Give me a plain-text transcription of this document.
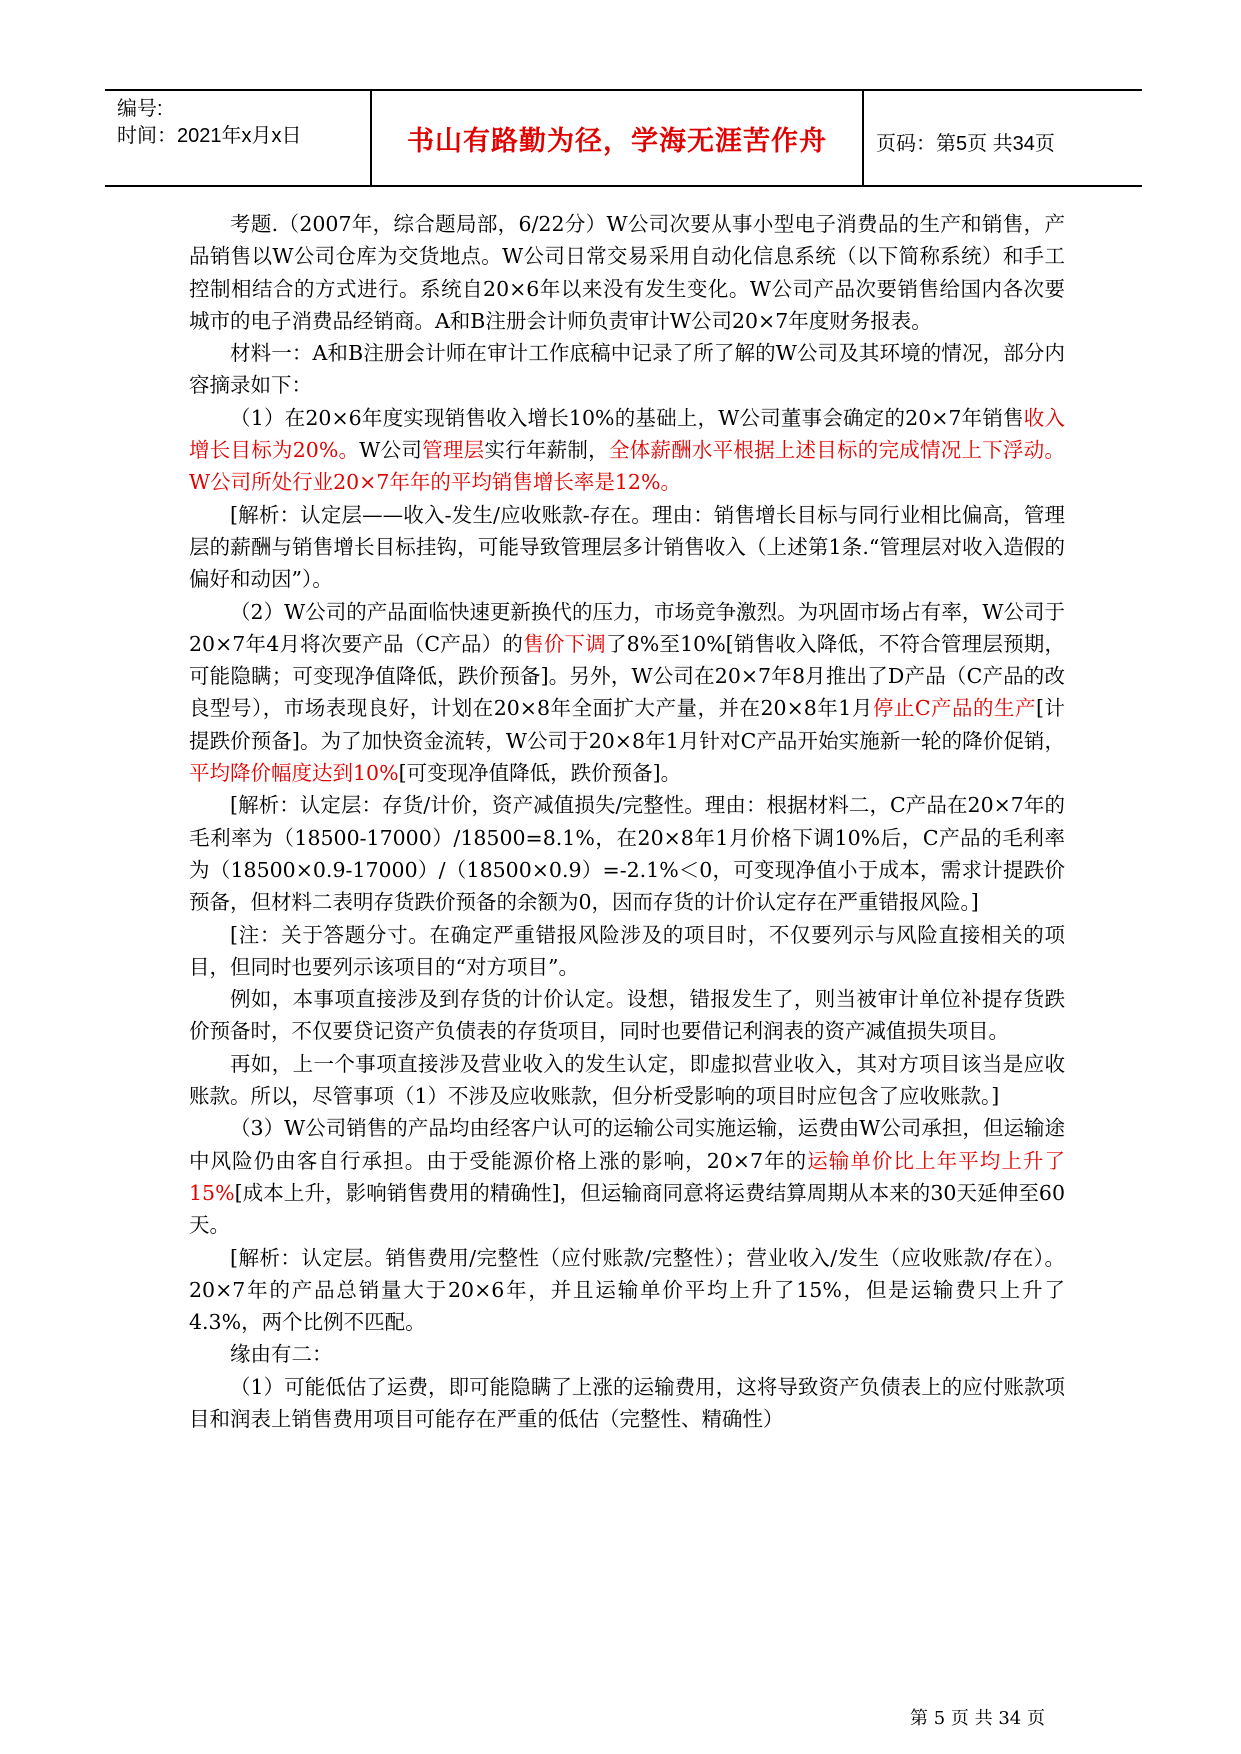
编号:
时间：2021年x月x日	书山有路勤为径，学海无涯苦作舟	页码：第5页 共34页

考题.（2007年，综合题局部，6/22分）W公司次要从事小型电子消费品的生产和销售，产品销售以W公司仓库为交货地点。W公司日常交易采用自动化信息系统（以下简称系统）和手工控制相结合的方式进行。系统自20×6年以来没有发生变化。W公司产品次要销售给国内各次要城市的电子消费品经销商。A和B注册会计师负责审计W公司20×7年度财务报表。

材料一：A和B注册会计师在审计工作底稿中记录了所了解的W公司及其环境的情况，部分内容摘录如下：

（1）在20×6年度实现销售收入增长10%的基础上，W公司董事会确定的20×7年销售收入增长目标为20%。W公司管理层实行年薪制，全体薪酬水平根据上述目标的完成情况上下浮动。W公司所处行业20×7年年的平均销售增长率是12%。

[解析：认定层——收入-发生/应收账款-存在。理由：销售增长目标与同行业相比偏高，管理层的薪酬与销售增长目标挂钩，可能导致管理层多计销售收入（上述第1条.“管理层对收入造假的偏好和动因”）。

（2）W公司的产品面临快速更新换代的压力，市场竞争激烈。为巩固市场占有率，W公司于20×7年4月将次要产品（C产品）的售价下调了8%至10%[销售收入降低，不符合管理层预期，可能隐瞒；可变现净值降低，跌价预备]。另外，W公司在20×7年8月推出了D产品（C产品的改良型号），市场表现良好，计划在20×8年全面扩大产量，并在20×8年1月停止C产品的生产[计提跌价预备]。为了加快资金流转，W公司于20×8年1月针对C产品开始实施新一轮的降价促销，平均降价幅度达到10%[可变现净值降低，跌价预备]。

[解析：认定层：存货/计价，资产减值损失/完整性。理由：根据材料二，C产品在20×7年的毛利率为（18500-17000）/18500=8.1%，在20×8年1月价格下调10%后，C产品的毛利率为（18500×0.9-17000）/（18500×0.9）=-2.1%＜0，可变现净值小于成本，需求计提跌价预备，但材料二表明存货跌价预备的余额为0，因而存货的计价认定存在严重错报风险。]

[注：关于答题分寸。在确定严重错报风险涉及的项目时，不仅要列示与风险直接相关的项目，但同时也要列示该项目的“对方项目”。

例如，本事项直接涉及到存货的计价认定。设想，错报发生了，则当被审计单位补提存货跌价预备时，不仅要贷记资产负债表的存货项目，同时也要借记利润表的资产减值损失项目。

再如，上一个事项直接涉及营业收入的发生认定，即虚拟营业收入，其对方项目该当是应收账款。所以，尽管事项（1）不涉及应收账款，但分析受影响的项目时应包含了应收账款。]

（3）W公司销售的产品均由经客户认可的运输公司实施运输，运费由W公司承担，但运输途中风险仍由客自行承担。由于受能源价格上涨的影响，20×7年的运输单价比上年平均上升了15%[成本上升，影响销售费用的精确性]，但运输商同意将运费结算周期从本来的30天延伸至60天。

[解析：认定层。销售费用/完整性（应付账款/完整性）；营业收入/发生（应收账款/存在）。20×7年的产品总销量大于20×6年，并且运输单价平均上升了15%，但是运输费只上升了4.3%，两个比例不匹配。

缘由有二：

（1）可能低估了运费，即可能隐瞒了上涨的运输费用，这将导致资产负债表上的应付账款项目和润表上销售费用项目可能存在严重的低估（完整性、精确性）

第 5 页 共 34 页
